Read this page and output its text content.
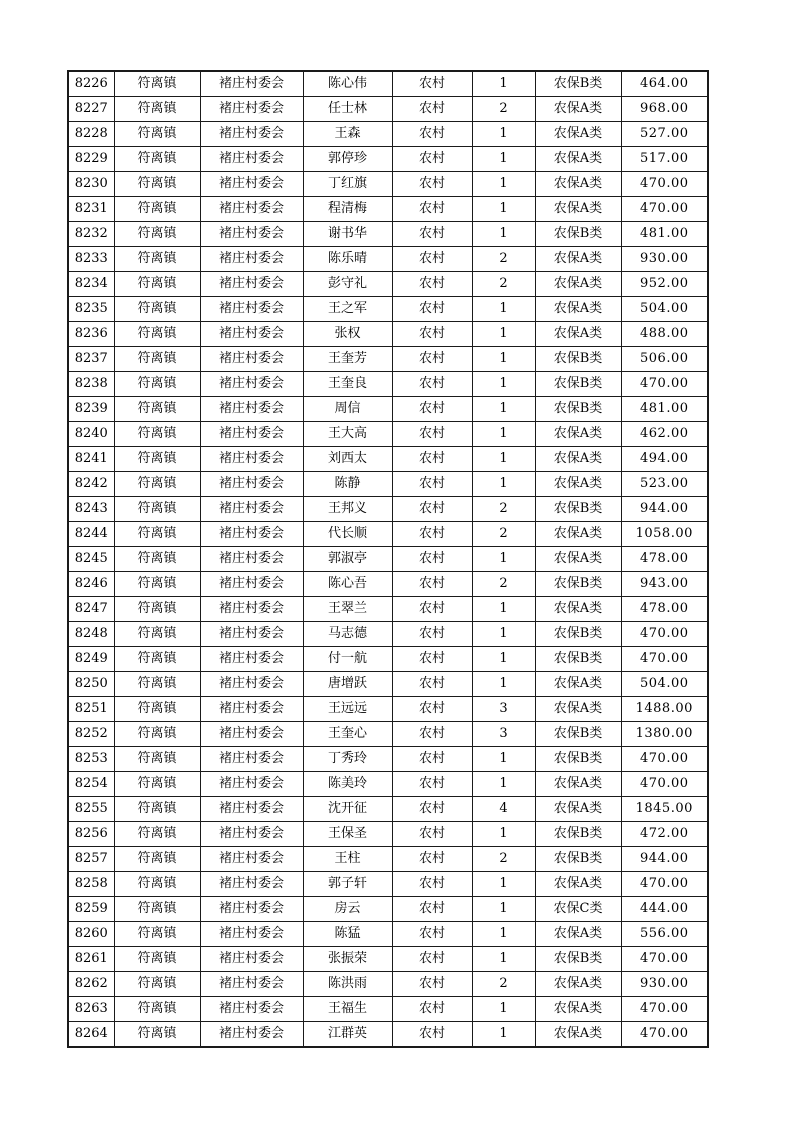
8226	符离镇	褚庄村委会	陈心伟	农村	1	农保B类	464.00
8227	符离镇	褚庄村委会	任士林	农村	2	农保A类	968.00
8228	符离镇	褚庄村委会	王森	农村	1	农保A类	527.00
8229	符离镇	褚庄村委会	郭停珍	农村	1	农保A类	517.00
8230	符离镇	褚庄村委会	丁红旗	农村	1	农保A类	470.00
8231	符离镇	褚庄村委会	程清梅	农村	1	农保A类	470.00
8232	符离镇	褚庄村委会	谢书华	农村	1	农保B类	481.00
8233	符离镇	褚庄村委会	陈乐晴	农村	2	农保A类	930.00
8234	符离镇	褚庄村委会	彭守礼	农村	2	农保A类	952.00
8235	符离镇	褚庄村委会	王之军	农村	1	农保A类	504.00
8236	符离镇	褚庄村委会	张权	农村	1	农保A类	488.00
8237	符离镇	褚庄村委会	王奎芳	农村	1	农保B类	506.00
8238	符离镇	褚庄村委会	王奎良	农村	1	农保B类	470.00
8239	符离镇	褚庄村委会	周信	农村	1	农保B类	481.00
8240	符离镇	褚庄村委会	王大高	农村	1	农保A类	462.00
8241	符离镇	褚庄村委会	刘西太	农村	1	农保A类	494.00
8242	符离镇	褚庄村委会	陈静	农村	1	农保A类	523.00
8243	符离镇	褚庄村委会	王邦义	农村	2	农保B类	944.00
8244	符离镇	褚庄村委会	代长顺	农村	2	农保A类	1058.00
8245	符离镇	褚庄村委会	郭淑亭	农村	1	农保A类	478.00
8246	符离镇	褚庄村委会	陈心吾	农村	2	农保B类	943.00
8247	符离镇	褚庄村委会	王翠兰	农村	1	农保A类	478.00
8248	符离镇	褚庄村委会	马志德	农村	1	农保B类	470.00
8249	符离镇	褚庄村委会	付一航	农村	1	农保B类	470.00
8250	符离镇	褚庄村委会	唐增跃	农村	1	农保A类	504.00
8251	符离镇	褚庄村委会	王远远	农村	3	农保A类	1488.00
8252	符离镇	褚庄村委会	王奎心	农村	3	农保B类	1380.00
8253	符离镇	褚庄村委会	丁秀玲	农村	1	农保B类	470.00
8254	符离镇	褚庄村委会	陈美玲	农村	1	农保A类	470.00
8255	符离镇	褚庄村委会	沈开征	农村	4	农保A类	1845.00
8256	符离镇	褚庄村委会	王保圣	农村	1	农保B类	472.00
8257	符离镇	褚庄村委会	王柱	农村	2	农保B类	944.00
8258	符离镇	褚庄村委会	郭子轩	农村	1	农保A类	470.00
8259	符离镇	褚庄村委会	房云	农村	1	农保C类	444.00
8260	符离镇	褚庄村委会	陈猛	农村	1	农保A类	556.00
8261	符离镇	褚庄村委会	张振荣	农村	1	农保B类	470.00
8262	符离镇	褚庄村委会	陈洪雨	农村	2	农保A类	930.00
8263	符离镇	褚庄村委会	王福生	农村	1	农保A类	470.00
8264	符离镇	褚庄村委会	江群英	农村	1	农保A类	470.00
